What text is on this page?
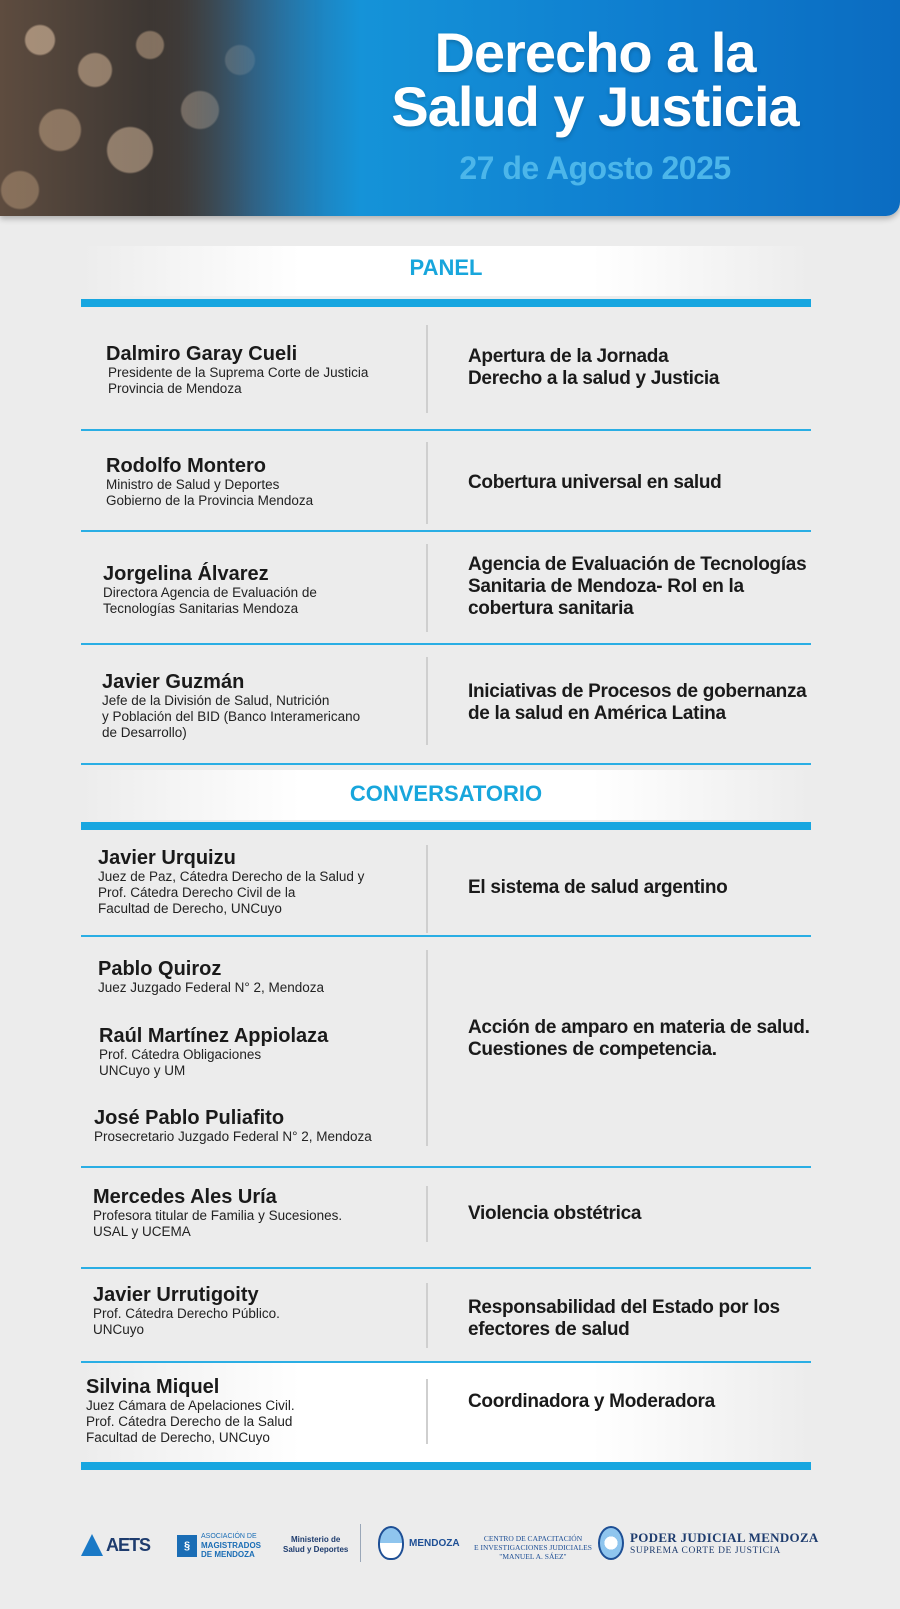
Derecho a la
Salud y Justicia
27 de Agosto 2025
PANEL
Dalmiro Garay Cueli
Presidente de la Suprema Corte de Justicia
Provincia de Mendoza
Apertura de la Jornada
Derecho a la salud y Justicia
Rodolfo Montero
Ministro de Salud y Deportes
Gobierno de la Provincia Mendoza
Cobertura universal en salud
Jorgelina Álvarez
Directora Agencia de Evaluación de
Tecnologías Sanitarias Mendoza
Agencia de Evaluación de Tecnologías
Sanitaria de Mendoza- Rol en la
cobertura sanitaria
Javier Guzmán
Jefe de la División de Salud, Nutrición
y Población del BID (Banco Interamericano
de Desarrollo)
Iniciativas de Procesos de gobernanza
de la salud en América Latina
CONVERSATORIO
Javier Urquizu
Juez de Paz, Cátedra Derecho de la Salud y
Prof. Cátedra Derecho Civil de la
Facultad de Derecho, UNCuyo
El sistema de salud argentino
Pablo Quiroz
Juez Juzgado Federal N° 2, Mendoza
Raúl Martínez Appiolaza
Prof. Cátedra Obligaciones
UNCuyo y UM
José Pablo Puliafito
Prosecretario Juzgado Federal N° 2, Mendoza
Acción de amparo en materia de salud.
Cuestiones de competencia.
Mercedes Ales Uría
Profesora titular de Familia y Sucesiones.
USAL y UCEMA
Violencia obstétrica
Javier Urrutigoity
Prof. Cátedra Derecho Público.
UNCuyo
Responsabilidad del Estado por los
efectores de salud
Silvina Miquel
Juez Cámara de Apelaciones Civil.
Prof. Cátedra Derecho de la Salud
Facultad de Derecho, UNCuyo
Coordinadora y Moderadora
AETS	§
ASOCIACIÓN DE
MAGISTRADOS
DE MENDOZA
Ministerio de
Salud y Deportes
MENDOZA	CENTRO DE CAPACITACIÓN
E INVESTIGACIONES JUDICIALES
"MANUEL A. SÁEZ"
PODER JUDICIAL MENDOZA
SUPREMA CORTE DE JUSTICIA
